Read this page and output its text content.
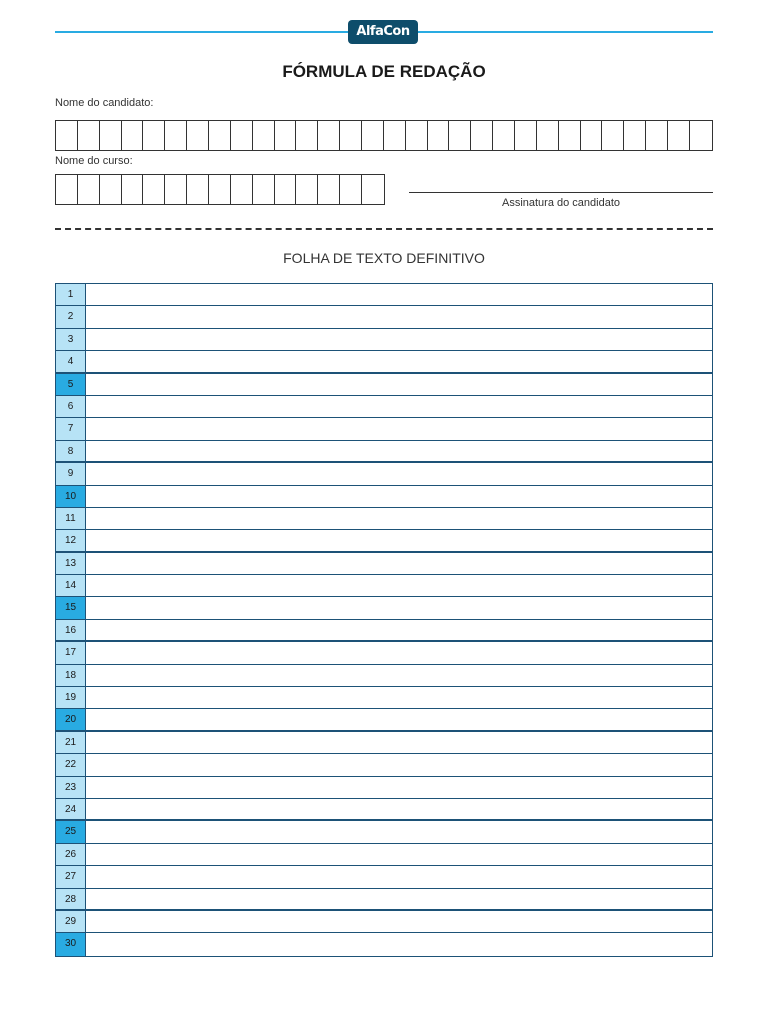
AlfaCon
FÓRMULA DE REDAÇÃO
Nome do candidato:
Nome do curso:
Assinatura do candidato
FOLHA DE TEXTO DEFINITIVO
1
2
3
4
5
6
7
8
9
10
11
12
13
14
15
16
17
18
19
20
21
22
23
24
25
26
27
28
29
30
